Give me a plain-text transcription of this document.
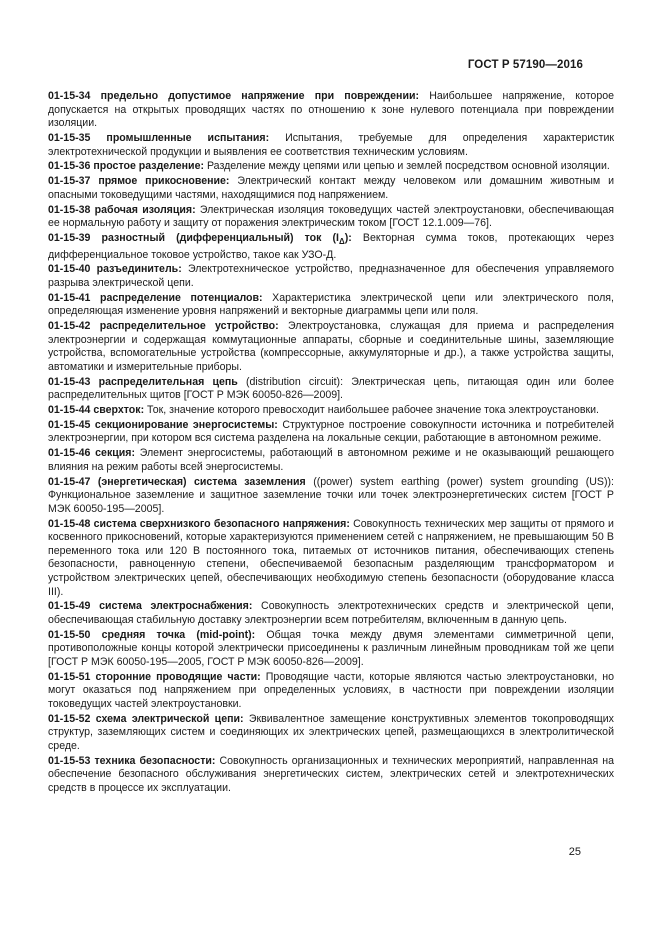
ГОСТ Р 57190—2016

01-15-34 предельно допустимое напряжение при повреждении: Наибольшее напряжение, которое допускается на открытых проводящих частях по отношению к зоне нулевого потенциала при повреждении изоляции.

01-15-35 промышленные испытания: Испытания, требуемые для определения характеристик электротехнической продукции и выявления ее соответствия техническим условиям.

01-15-36 простое разделение: Разделение между цепями или цепью и землей посредством основной изоляции.

01-15-37 прямое прикосновение: Электрический контакт между человеком или домашним животным и опасными токоведущими частями, находящимися под напряжением.

01-15-38 рабочая изоляция: Электрическая изоляция токоведущих частей электроустановки, обеспечивающая ее нормальную работу и защиту от поражения электрическим током [ГОСТ 12.1.009—76].

01-15-39 разностный (дифференциальный) ток $(I_\Delta)$: Векторная сумма токов, протекающих через дифференциальное токовое устройство, такое как УЗО-Д.

01-15-40 разъединитель: Электротехническое устройство, предназначенное для обеспечения управляемого разрыва электрической цепи.

01-15-41 распределение потенциалов: Характеристика электрической цепи или электрического поля, определяющая изменение уровня напряжений и векторные диаграммы цепи или поля.

01-15-42 распределительное устройство: Электроустановка, служащая для приема и распределения электроэнергии и содержащая коммутационные аппараты, сборные и соединительные шины, заземляющие устройства, вспомогательные устройства (компрессорные, аккумуляторные и др.), а также устройства защиты, автоматики и измерительные приборы.

01-15-43 распределительная цепь (distribution circuit): Электрическая цепь, питающая один или более распределительных щитов [ГОСТ Р МЭК 60050-826—2009].

01-15-44 сверхток: Ток, значение которого превосходит наибольшее рабочее значение тока электроустановки.

01-15-45 секционирование энергосистемы: Структурное построение совокупности источника и потребителей электроэнергии, при котором вся система разделена на локальные секции, работающие в автономном режиме.

01-15-46 секция: Элемент энергосистемы, работающий в автономном режиме и не оказывающий решающего влияния на режим работы всей энергосистемы.

01-15-47 (энергетическая) система заземления ((power) system earthing (power) system grounding (US)): Функциональное заземление и защитное заземление точки или точек электроэнергетических систем [ГОСТ Р МЭК 60050-195—2005].

01-15-48 система сверхнизкого безопасного напряжения: Совокупность технических мер защиты от прямого и косвенного прикосновений, которые характеризуются применением сетей с напряжением, не превышающим 50 В переменного тока или 120 В постоянного тока, питаемых от источников питания, обеспечивающих степень безопасности, равноценную степени, обеспечиваемой безопасным разделяющим трансформатором и устройством электрических цепей, обеспечивающих необходимую степень безопасности (оборудование класса III).

01-15-49 система электроснабжения: Совокупность электротехнических средств и электрической цепи, обеспечивающая стабильную доставку электроэнергии всем потребителям, включенным в данную цепь.

01-15-50 средняя точка (mid-point): Общая точка между двумя элементами симметричной цепи, противоположные концы которой электрически присоединены к различным линейным проводникам той же цепи [ГОСТ Р МЭК 60050-195—2005, ГОСТ Р МЭК 60050-826—2009].

01-15-51 сторонние проводящие части: Проводящие части, которые являются частью электроустановки, но могут оказаться под напряжением при определенных условиях, в частности при повреждении изоляции токоведущих частей электроустановки.

01-15-52 схема электрической цепи: Эквивалентное замещение конструктивных элементов токопроводящих структур, заземляющих систем и соединяющих их электрических цепей, размещающихся в электролитической среде.

01-15-53 техника безопасности: Совокупность организационных и технических мероприятий, направленная на обеспечение безопасного обслуживания энергетических систем, электрических сетей и электротехнических средств в процессе их эксплуатации.

25
